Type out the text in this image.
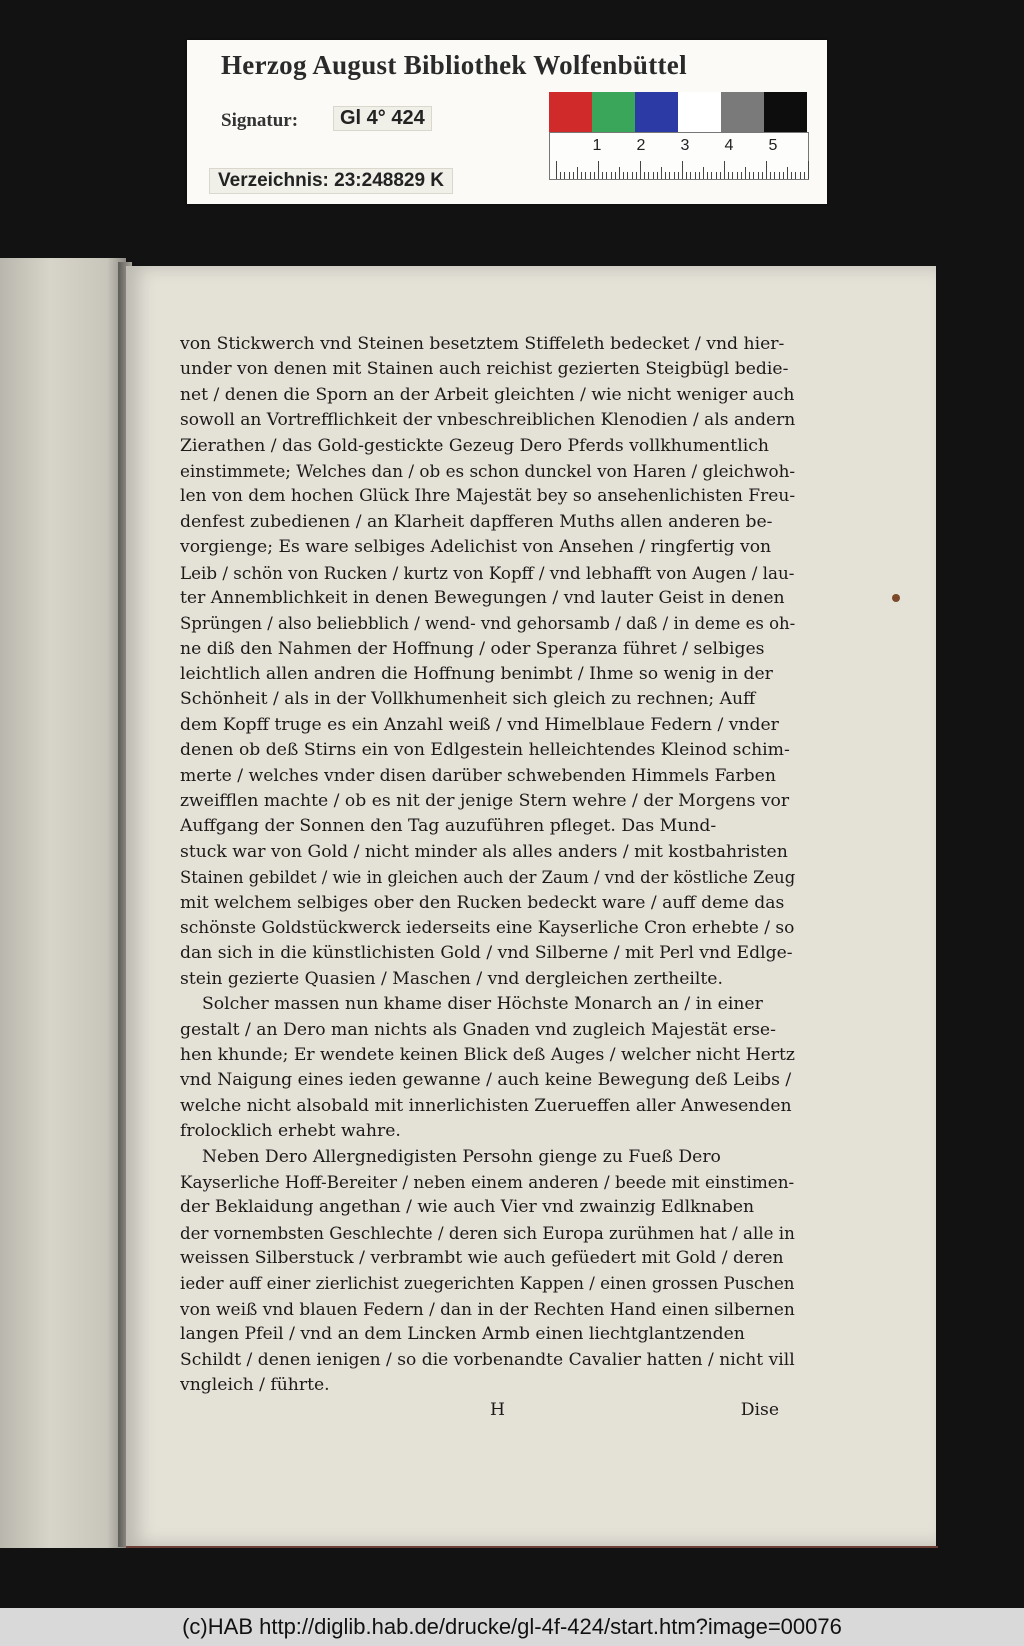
Herzog August Bibliothek Wolfenbüttel
Signatur:	Gl 4° 424
Verzeichnis: 23:248829 K
1 2 3 4 5
von Stickwerch vnd Steinen besetztem Stiffeleth bedecket / vnd hier-
under von denen mit Stainen auch reichist gezierten Steigbügl bedie-
net / denen die Sporn an der Arbeit gleichten / wie nicht weniger auch
sowoll an Vortrefflichkeit der vnbeschreiblichen Klenodien / als andern
Zierathen / das Gold-gestickte Gezeug Dero Pferds vollkhumentlich
einstimmete; Welches dan / ob es schon dunckel von Haren / gleichwoh-
len von dem hochen Glück Ihre Majestät bey so ansehenlichisten Freu-
denfest zubedienen / an Klarheit dapfferen Muths allen anderen be-
vorgienge; Es ware selbiges Adelichist von Ansehen / ringfertig von
Leib / schön von Rucken / kurtz von Kopff / vnd lebhafft von Augen / lau-
ter Annemblichkeit in denen Bewegungen / vnd lauter Geist in denen
Sprüngen / also beliebblich / wend- vnd gehorsamb / daß / in deme es oh-
ne diß den Nahmen der Hoffnung / oder Speranza führet / selbiges
leichtlich allen andren die Hoffnung benimbt / Ihme so wenig in der
Schönheit / als in der Vollkhumenheit sich gleich zu rechnen; Auff
dem Kopff truge es ein Anzahl weiß / vnd Himelblaue Federn / vnder
denen ob deß Stirns ein von Edlgestein helleichtendes Kleinod schim-
merte / welches vnder disen darüber schwebenden Himmels Farben
zweifflen machte / ob es nit der jenige Stern wehre / der Morgens vor
Auffgang der Sonnen den Tag auzuführen pfleget. Das Mund-
stuck war von Gold / nicht minder als alles anders / mit kostbahristen
Stainen gebildet / wie in gleichen auch der Zaum / vnd der köstliche Zeug
mit welchem selbiges ober den Rucken bedeckt ware / auff deme das
schönste Goldstückwerck iederseits eine Kayserliche Cron erhebte / so
dan sich in die künstlichisten Gold / vnd Silberne / mit Perl vnd Edlge-
stein gezierte Quasien / Maschen / vnd dergleichen zertheilte.
Solcher massen nun khame diser Höchste Monarch an / in einer
gestalt / an Dero man nichts als Gnaden vnd zugleich Majestät erse-
hen khunde; Er wendete keinen Blick deß Auges / welcher nicht Hertz
vnd Naigung eines ieden gewanne / auch keine Bewegung deß Leibs /
welche nicht alsobald mit innerlichisten Zuerueffen aller Anwesenden
frolocklich erhebt wahre.
Neben Dero Allergnedigisten Persohn gienge zu Fueß Dero
Kayserliche Hoff-Bereiter / neben einem anderen / beede mit einstimen-
der Beklaidung angethan / wie auch Vier vnd zwainzig Edlknaben
der vornembsten Geschlechte / deren sich Europa zurühmen hat / alle in
weissen Silberstuck / verbrambt wie auch gefüedert mit Gold / deren
ieder auff einer zierlichist zuegerichten Kappen / einen grossen Puschen
von weiß vnd blauen Federn / dan in der Rechten Hand einen silbernen
langen Pfeil / vnd an dem Lincken Armb einen liechtglantzenden
Schildt / denen ienigen / so die vorbenandte Cavalier hatten / nicht vill
vngleich / führte.
H	Dise
(c)HAB http://diglib.hab.de/drucke/gl-4f-424/start.htm?image=00076
